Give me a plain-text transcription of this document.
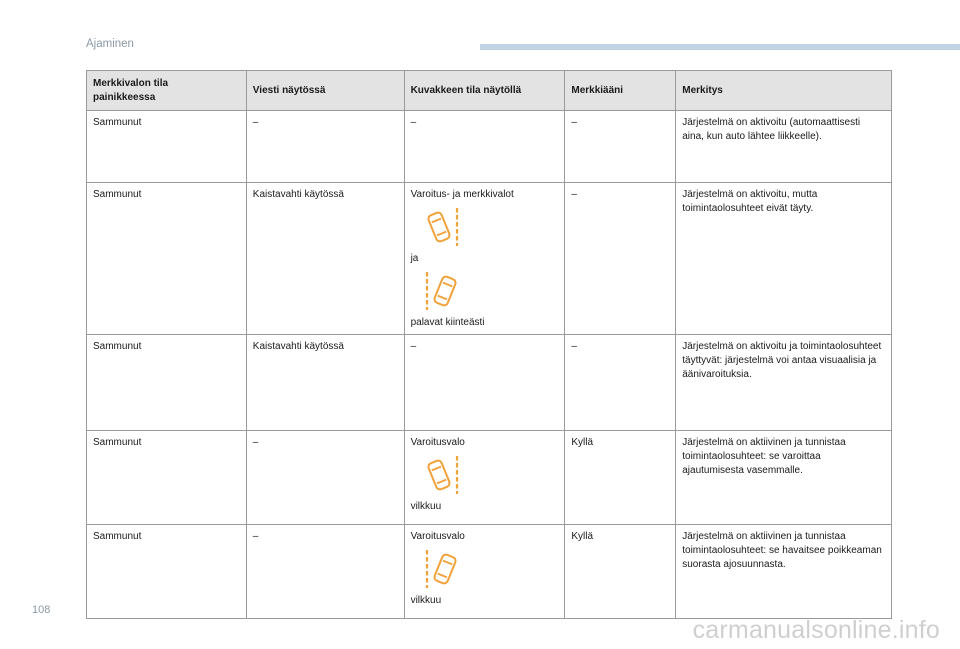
Ajaminen
Merkkivalon tila
painikkeessa	Viesti näytössä	Kuvakkeen tila näytöllä	Merkkiääni	Merkitys
Sammunut	–	–	–	Järjestelmä on aktivoitu (automaattisesti aina, kun auto lähtee liikkeelle).
Sammunut	Kaistavahti käytössä	Varoitus- ja merkkivalot
ja
palavat kiinteästi	–	Järjestelmä on aktivoitu, mutta toimintaolosuhteet eivät täyty.
Sammunut	Kaistavahti käytössä	–	–	Järjestelmä on aktivoitu ja toimintaolosuhteet täyttyvät: järjestelmä voi antaa visuaalisia ja äänivaroituksia.
Sammunut	–	Varoitusvalo
vilkkuu	Kyllä	Järjestelmä on aktiivinen ja tunnistaa toimintaolosuhteet: se varoittaa ajautumisesta vasemmalle.
Sammunut	–	Varoitusvalo
vilkkuu	Kyllä	Järjestelmä on aktiivinen ja tunnistaa toimintaolosuhteet: se havaitsee poikkeaman suorasta ajosuunnasta.
108
carmanualsonline.info
